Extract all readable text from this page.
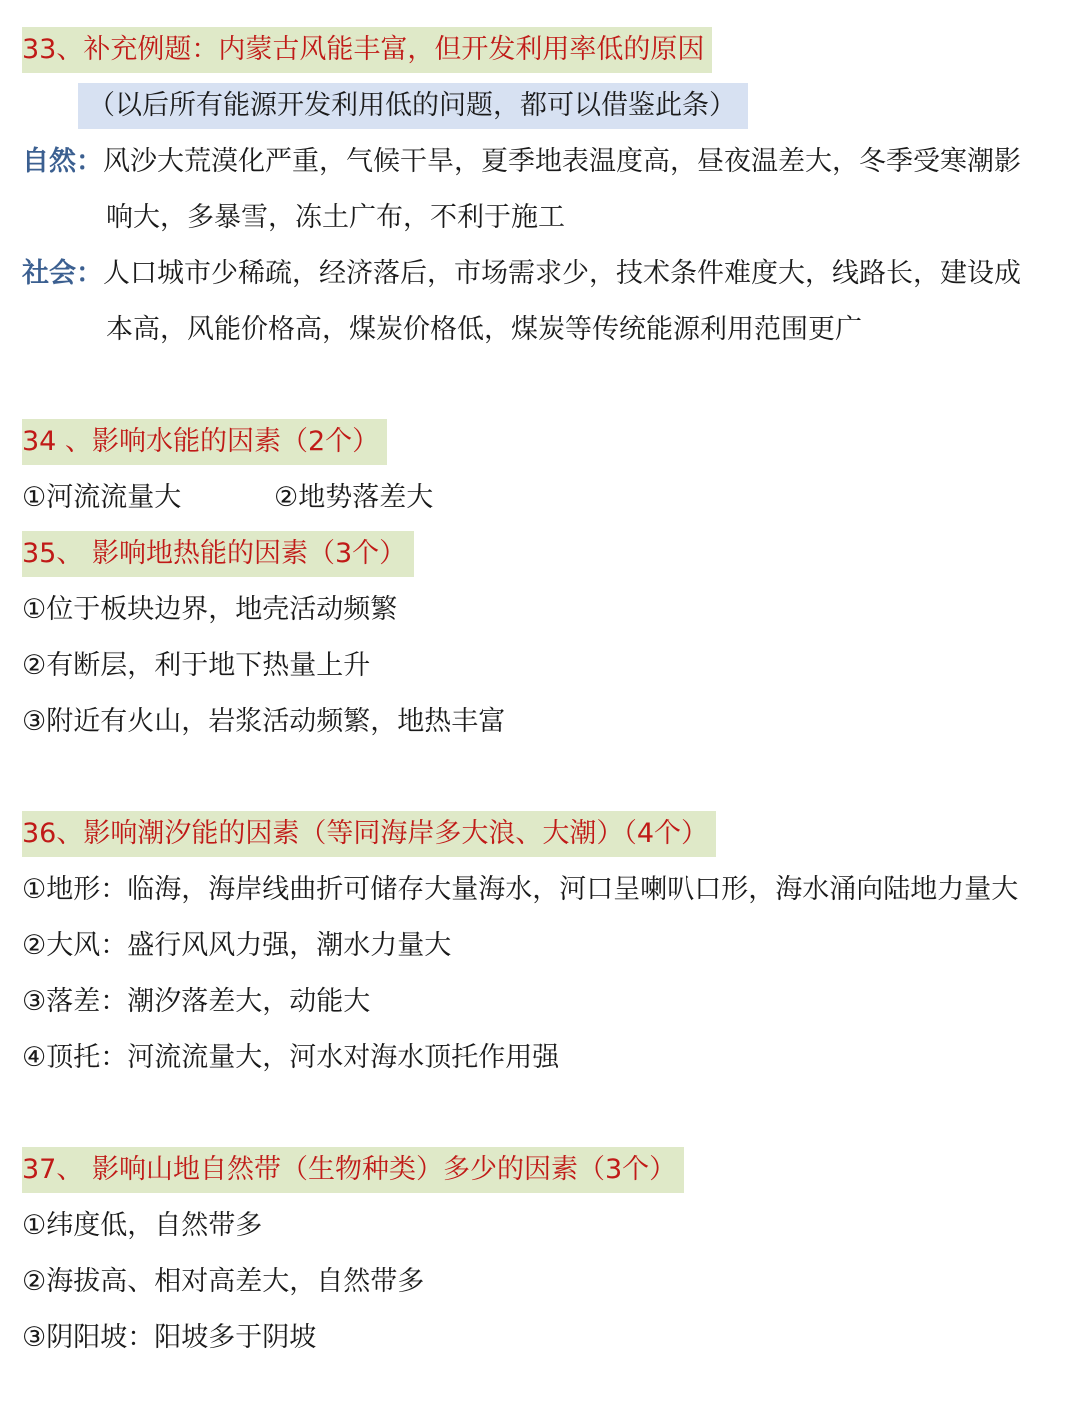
33、补充例题：内蒙古风能丰富，但开发利用率低的原因
（以后所有能源开发利用低的问题，都可以借鉴此条）
自然：风沙大荒漠化严重，气候干旱，夏季地表温度高，昼夜温差大，冬季受寒潮影
响大，多暴雪，冻土广布，不利于施工
社会：人口城市少稀疏，经济落后，市场需求少，技术条件难度大，线路长，建设成
本高，风能价格高，煤炭价格低，煤炭等传统能源利用范围更广
34 、影响水能的因素（2个）
①河流流量大	②地势落差大
35、 影响地热能的因素（3个）
①位于板块边界，地壳活动频繁
②有断层，利于地下热量上升
③附近有火山，岩浆活动频繁，地热丰富
36、影响潮汐能的因素（等同海岸多大浪、大潮）（4个）
①地形：临海，海岸线曲折可储存大量海水，河口呈喇叭口形，海水涌向陆地力量大
②大风：盛行风风力强，潮水力量大
③落差：潮汐落差大，动能大
④顶托：河流流量大，河水对海水顶托作用强
37、 影响山地自然带（生物种类）多少的因素（3个）
①纬度低，自然带多
②海拔高、相对高差大，自然带多
③阴阳坡：阳坡多于阴坡
